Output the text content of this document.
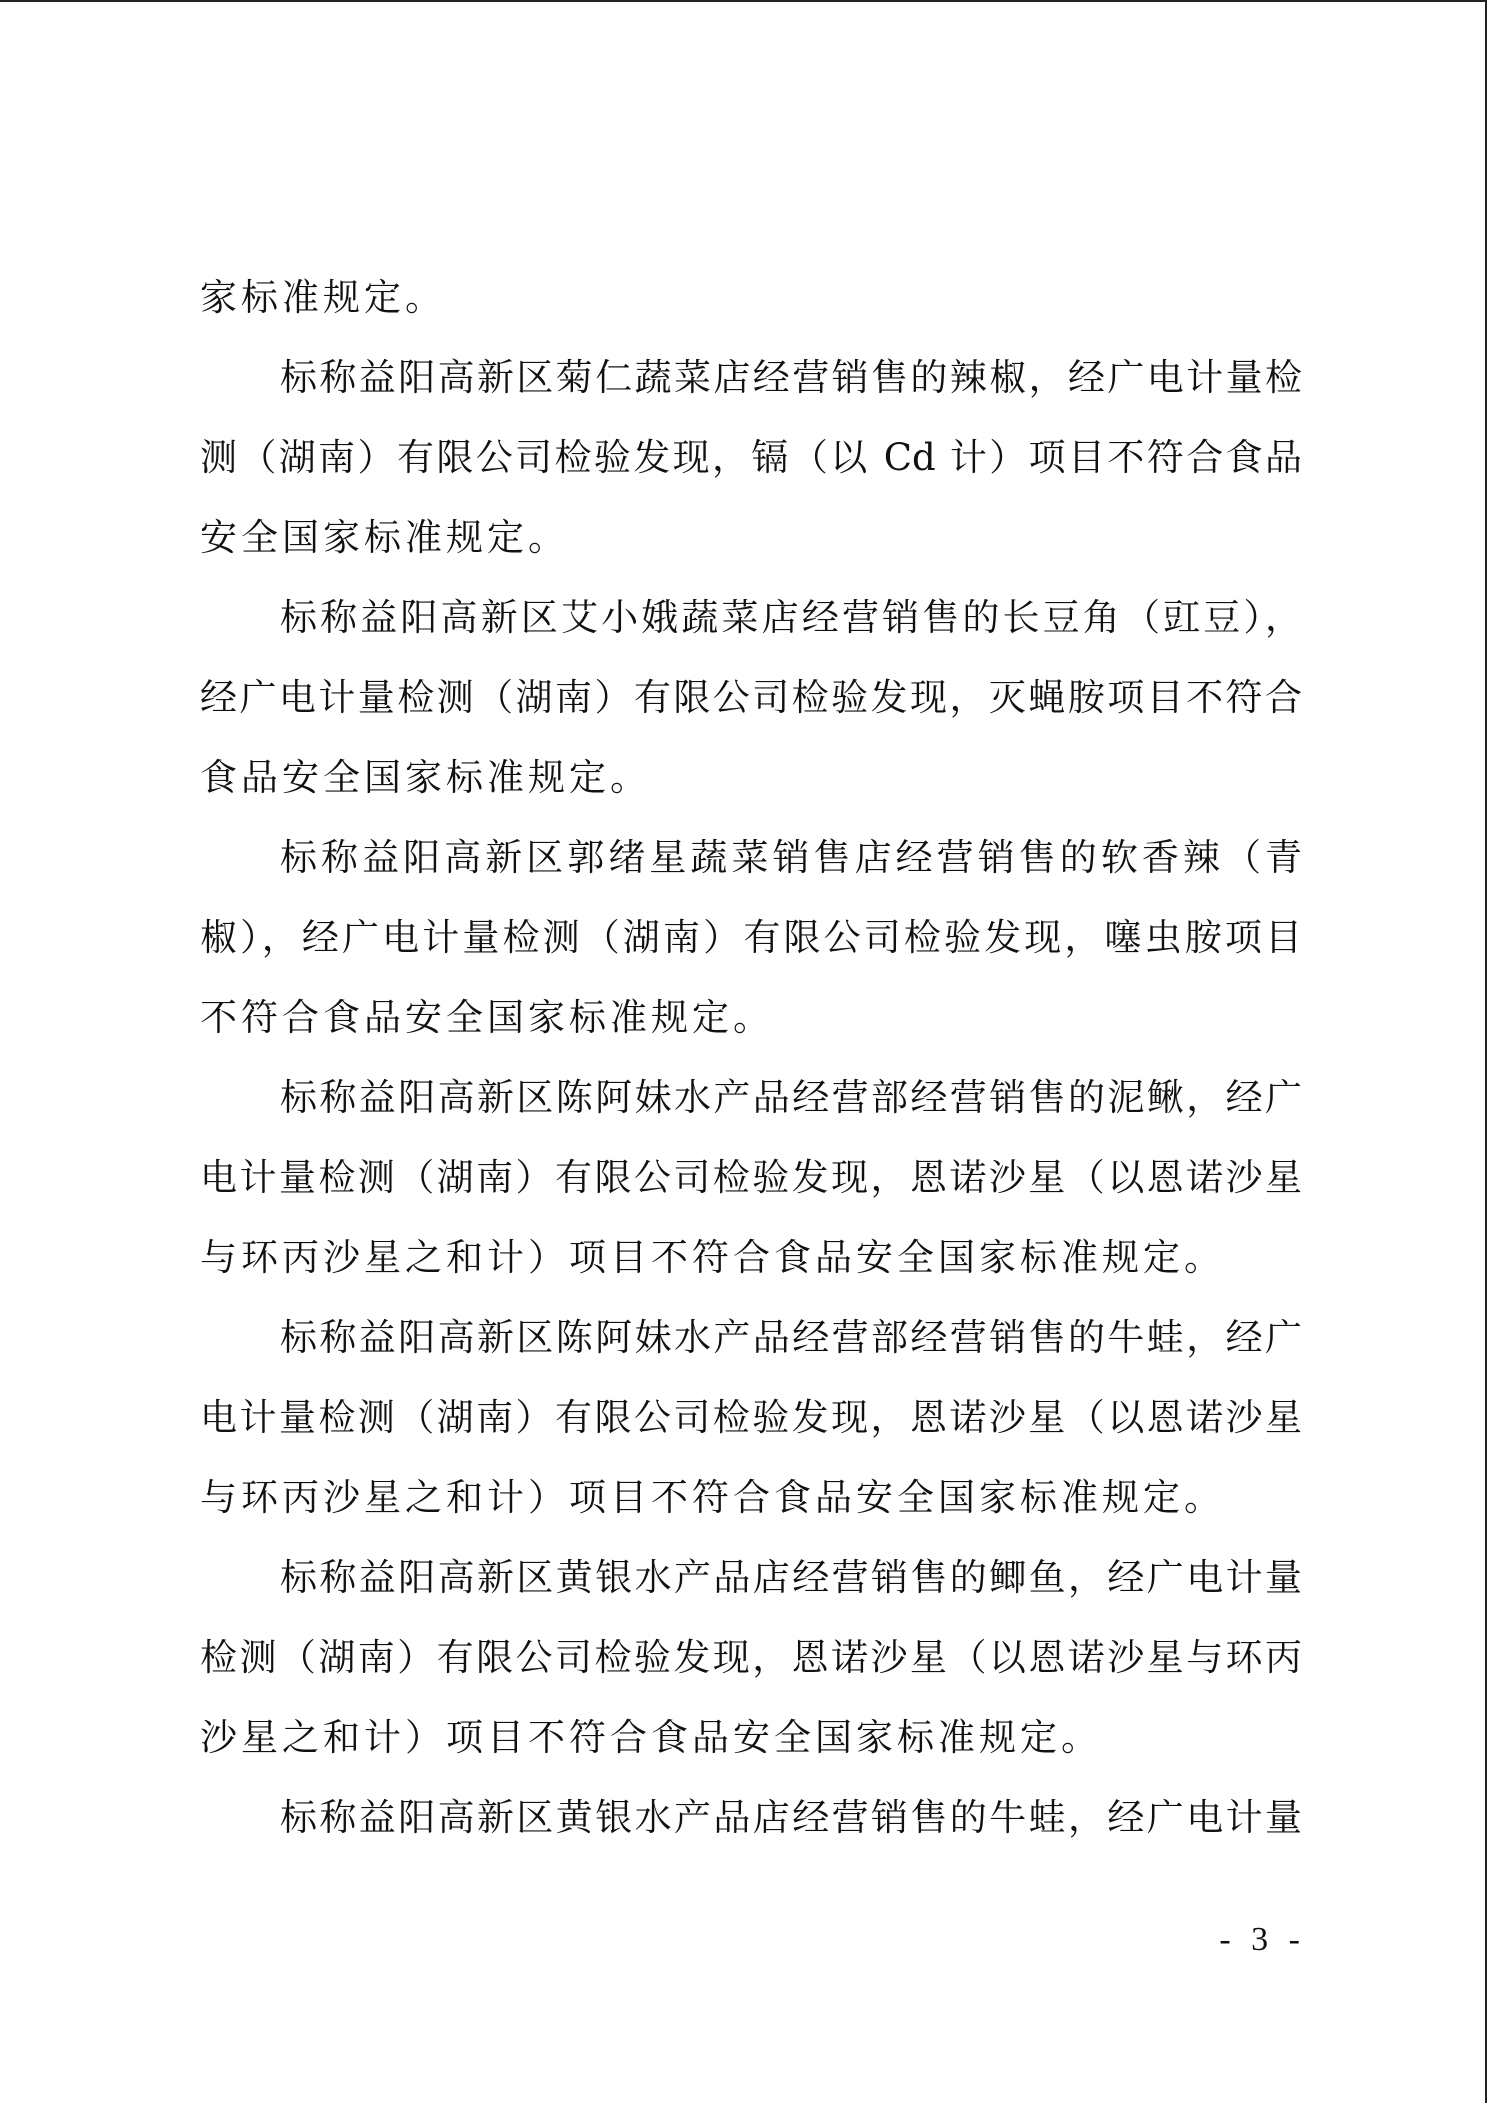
家标准规定。
标称益阳高新区菊仁蔬菜店经营销售的辣椒，经广电计量检
测（湖南）有限公司检验发现，镉（以 Cd 计）项目不符合食品
安全国家标准规定。
标称益阳高新区艾小娥蔬菜店经营销售的长豆角（豇豆），
经广电计量检测（湖南）有限公司检验发现，灭蝇胺项目不符合
食品安全国家标准规定。
标称益阳高新区郭绪星蔬菜销售店经营销售的软香辣（青
椒），经广电计量检测（湖南）有限公司检验发现，噻虫胺项目
不符合食品安全国家标准规定。
标称益阳高新区陈阿妹水产品经营部经营销售的泥鳅，经广
电计量检测（湖南）有限公司检验发现，恩诺沙星（以恩诺沙星
与环丙沙星之和计）项目不符合食品安全国家标准规定。
标称益阳高新区陈阿妹水产品经营部经营销售的牛蛙，经广
电计量检测（湖南）有限公司检验发现，恩诺沙星（以恩诺沙星
与环丙沙星之和计）项目不符合食品安全国家标准规定。
标称益阳高新区黄银水产品店经营销售的鲫鱼，经广电计量
检测（湖南）有限公司检验发现，恩诺沙星（以恩诺沙星与环丙
沙星之和计）项目不符合食品安全国家标准规定。
标称益阳高新区黄银水产品店经营销售的牛蛙，经广电计量
- 3 -
